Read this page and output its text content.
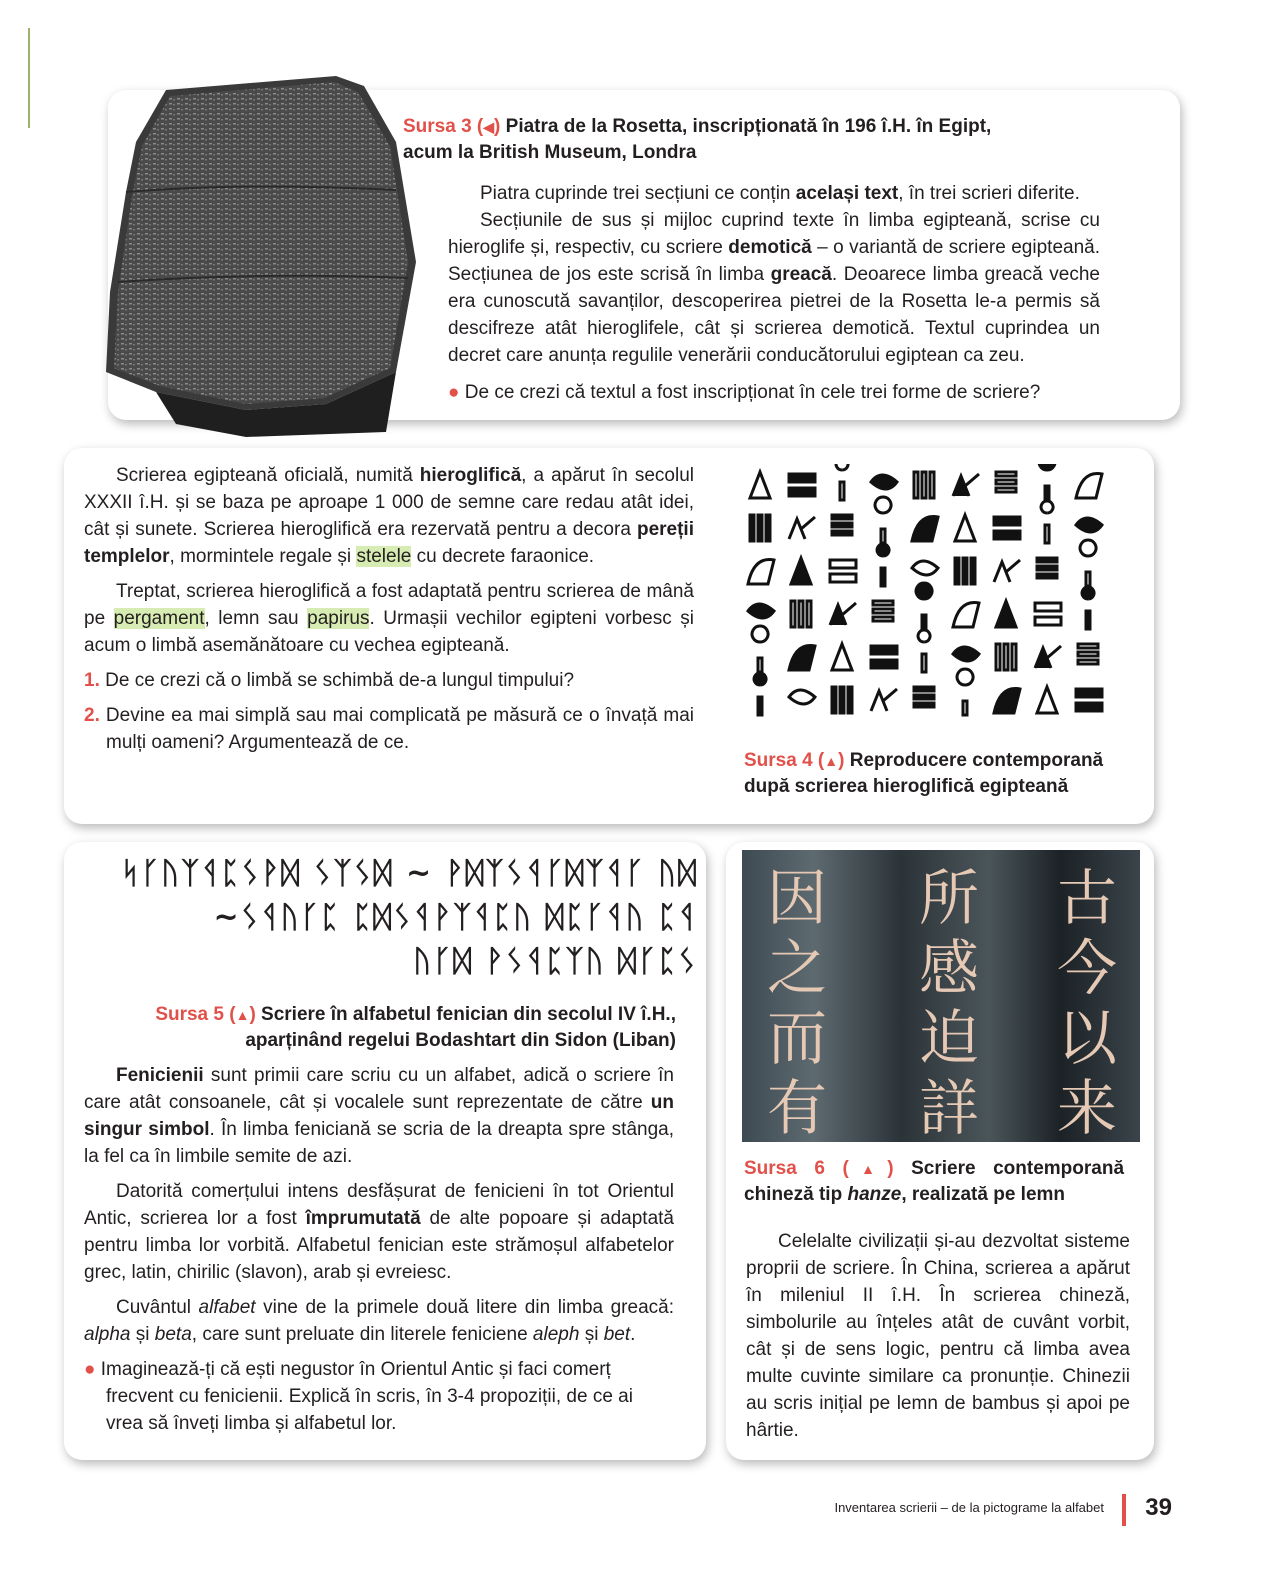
Sursa 3 (◀) Piatra de la Rosetta, inscripționată în 196 î.H. în Egipt,
acum la British Museum, Londra

Piatra cuprinde trei secțiuni ce conțin același text, în trei scrieri diferite.

Secțiunile de sus și mijloc cuprind texte în limba egipteană, scrise cu hieroglife și, respectiv, cu scriere demotică – o variantă de scriere egipteană. Secțiunea de jos este scrisă în limba greacă. Deoarece limba greacă veche era cunoscută savanților, descoperirea pietrei de la Rosetta le-a permis să descifreze atât hieroglifele, cât și scrierea demotică. Textul cuprindea un decret care anunța regulile venerării conducătorului egiptean ca zeu.

● De ce crezi că textul a fost inscripționat în cele trei forme de scriere?

Scrierea egipteană oficială, numită hieroglifică, a apărut în secolul XXXII î.H. și se baza pe aproape 1 000 de semne care redau atât idei, cât și sunete. Scrierea hieroglifică era rezervată pentru a decora pereții templelor, mormintele regale și stelele cu decrete faraonice.

Treptat, scrierea hieroglifică a fost adaptată pentru scrierea de mână pe pergament, lemn sau papirus. Urmașii vechilor egipteni vorbesc și acum o limbă asemănătoare cu vechea egipteană.

1. De ce crezi că o limbă se schimbă de-a lungul timpului?

2. Devine ea mai simplă sau mai complicată pe măsură ce o învață mai mulți oameni? Argumentează de ce.

Sursa 4 (▲) Reproducere contemporană după scrierea hieroglifică egipteană
ᛋᚴᚢᛉᛩᛈᛊᚹᛞ ᛊᛉᛊᛞ ~ ᚹᛞᛉᛊᛩᚴᛞᛉᛩᚴ ᚢᛞ
~ᛊᛩᚢᚴᛈ ᛈᛞᛊᛩᚹᛉᛩᛈᚢ ᛞᛈᚴᛩᚢ ᛈᛩ
ᚢᚴᛞ ᚹᛊᛩᛈᛉᚢ ᛞᚴᛈᛊ
Sursa 5 (▲) Scriere în alfabetul fenician din secolul IV î.H.,
aparținând regelui Bodashtart din Sidon (Liban)

Fenicienii sunt primii care scriu cu un alfabet, adică o scriere în care atât consoanele, cât și vocalele sunt reprezentate de către un singur simbol. În limba feniciană se scria de la dreapta spre stânga, la fel ca în limbile semite de azi.

Datorită comerțului intens desfășurat de fenicieni în tot Orientul Antic, scrierea lor a fost împrumutată de alte popoare și adaptată pentru limba lor vorbită. Alfabetul fenician este strămoșul alfabetelor grec, latin, chirilic (slavon), arab și evreiesc.

Cuvântul alfabet vine de la primele două litere din limba greacă: alpha și beta, care sunt preluate din literele feniciene aleph și bet.

● Imaginează-ți că ești negustor în Orientul Antic și faci comerț frecvent cu fenicienii. Explică în scris, în 3-4 propoziții, de ce ai vrea să înveți limba și alfabetul lor.

古今以来
所感迫詳
因之而有
Sursa 6 (▲) Scriere contemporană chineză tip hanze, realizată pe lemn

Celelalte civilizații și-au dezvoltat sisteme proprii de scriere. În China, scrierea a apărut în mileniul II î.H. În scrierea chineză, simbolurile au înțeles atât de cuvânt vorbit, cât și de sens logic, pentru că limba avea multe cuvinte similare ca pronunție. Chinezii au scris inițial pe lemn de bambus și apoi pe hârtie.

Inventarea scrierii – de la pictograme la alfabet 39
